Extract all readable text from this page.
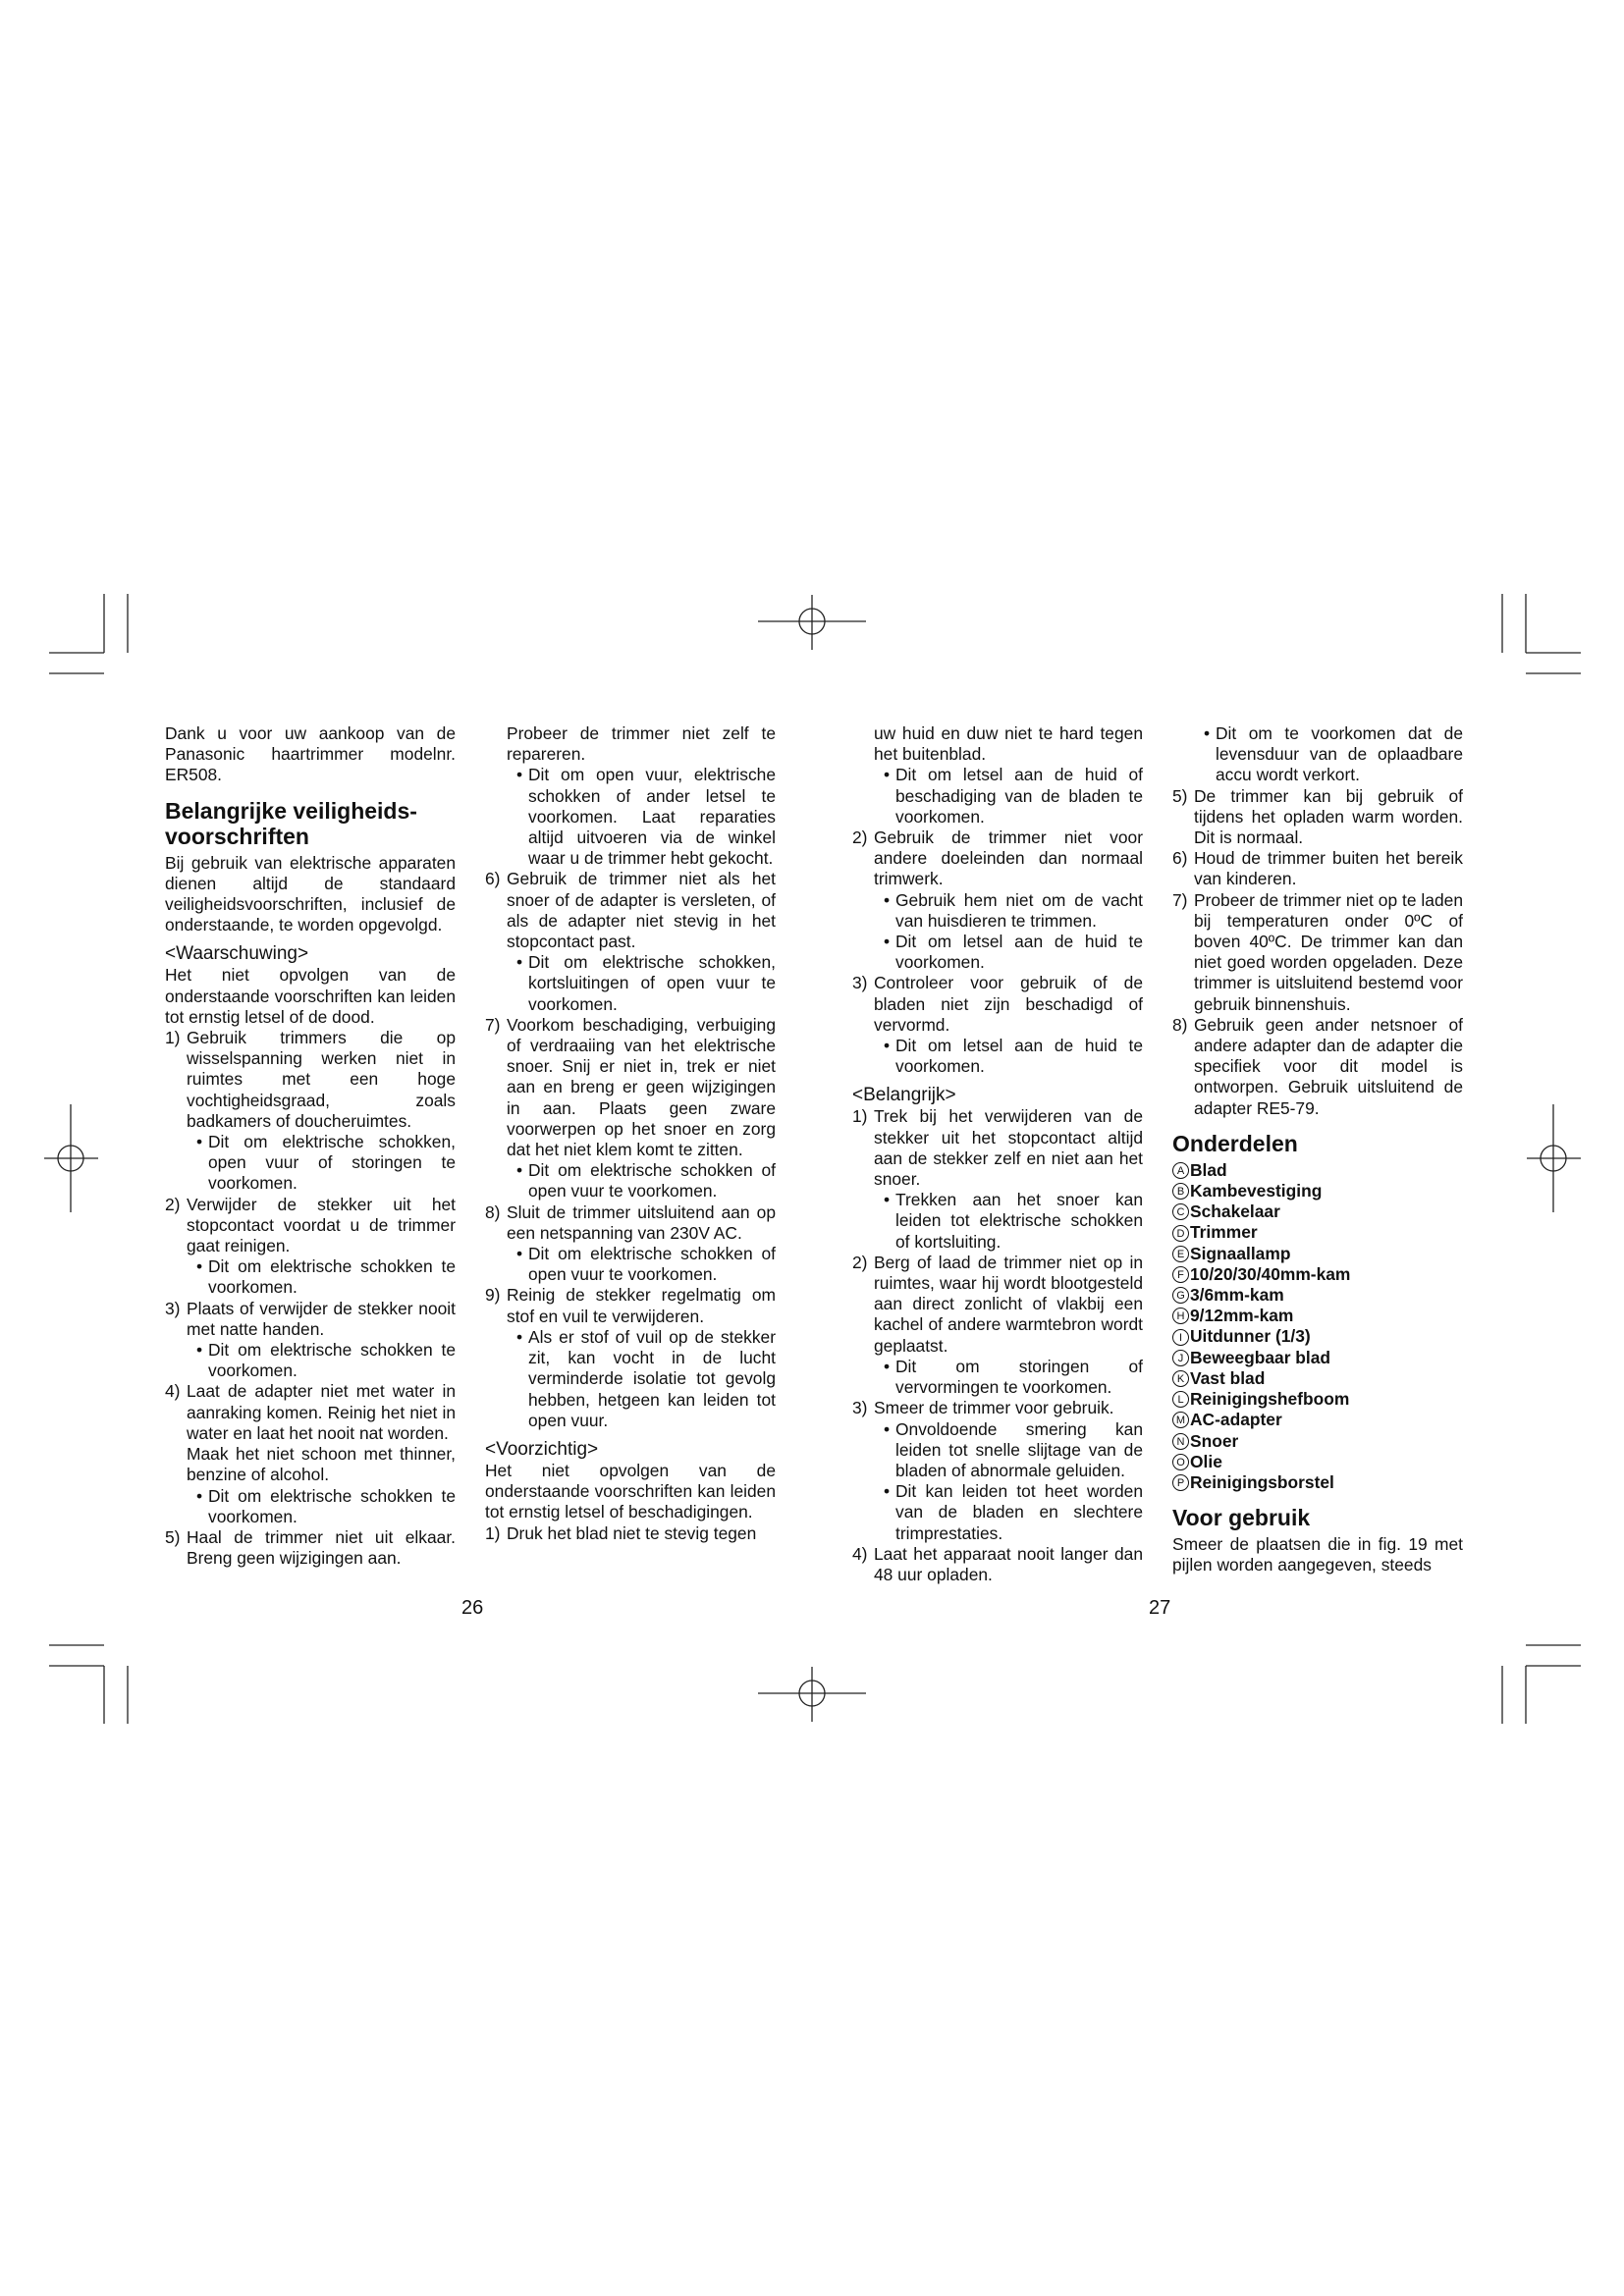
Dank u voor uw aankoop van de Panasonic haartrimmer modelnr. ER508.

Belangrijke veiligheids-
voorschriften

Bij gebruik van elektrische apparaten dienen altijd de standaard veiligheidsvoorschriften, inclusief de onderstaande, te worden opgevolgd.

<Waarschuwing>

Het niet opvolgen van de onderstaande voorschriften kan leiden tot ernstig letsel of de dood.

1) Gebruik trimmers die op wisselspanning werken niet in ruimtes met een hoge vochtigheidsgraad, zoals badkamers of doucheruimtes.

• Dit om elektrische schokken, open vuur of storingen te voorkomen.
2) Verwijder de stekker uit het stopcontact voordat u de trimmer gaat reinigen.

• Dit om elektrische schokken te voorkomen.
3) Plaats of verwijder de stekker nooit met natte handen.

• Dit om elektrische schokken te voorkomen.
4) Laat de adapter niet met water in aanraking komen. Reinig het niet in water en laat het nooit nat worden.

Maak het niet schoon met thinner, benzine of alcohol.

• Dit om elektrische schokken te voorkomen.
5) Haal de trimmer niet uit elkaar. Breng geen wijzigingen aan.

Probeer de trimmer niet zelf te repareren.

• Dit om open vuur, elektrische schokken of ander letsel te voorkomen. Laat reparaties altijd uitvoeren via de winkel waar u de trimmer hebt gekocht.
6) Gebruik de trimmer niet als het snoer of de adapter is versleten, of als de adapter niet stevig in het stopcontact past.

• Dit om elektrische schokken, kortsluitingen of open vuur te voorkomen.
7) Voorkom beschadiging, verbuiging of verdraaiing van het elektrische snoer. Snij er niet in, trek er niet aan en breng er geen wijzigingen in aan. Plaats geen zware voorwerpen op het snoer en zorg dat het niet klem komt te zitten.

• Dit om elektrische schokken of open vuur te voorkomen.
8) Sluit de trimmer uitsluitend aan op een netspanning van 230V AC.

• Dit om elektrische schokken of open vuur te voorkomen.
9) Reinig de stekker regelmatig om stof en vuil te verwijderen.

• Als er stof of vuil op de stekker zit, kan vocht in de lucht verminderde isolatie tot gevolg hebben, hetgeen kan leiden tot open vuur.
<Voorzichtig>

Het niet opvolgen van de onderstaande voorschriften kan leiden tot ernstig letsel of beschadigingen.

1) Druk het blad niet te stevig tegen

26

uw huid en duw niet te hard tegen het buitenblad.

• Dit om letsel aan de huid of beschadiging van de bladen te voorkomen.
2) Gebruik de trimmer niet voor andere doeleinden dan normaal trimwerk.

• Gebruik hem niet om de vacht van huisdieren te trimmen.
• Dit om letsel aan de huid te voorkomen.
3) Controleer voor gebruik of de bladen niet zijn beschadigd of vervormd.

• Dit om letsel aan de huid te voorkomen.
<Belangrijk>
1) Trek bij het verwijderen van de stekker uit het stopcontact altijd aan de stekker zelf en niet aan het snoer.

• Trekken aan het snoer kan leiden tot elektrische schokken of kortsluiting.
2) Berg of laad de trimmer niet op in ruimtes, waar hij wordt blootgesteld aan direct zonlicht of vlakbij een kachel of andere warmtebron wordt geplaatst.

• Dit om storingen of vervormingen te voorkomen.
3) Smeer de trimmer voor gebruik.

• Onvoldoende smering kan leiden tot snelle slijtage van de bladen of abnormale geluiden.
• Dit kan leiden tot heet worden van de bladen en slechtere trimprestaties.
4) Laat het apparaat nooit langer dan 48 uur opladen.

• Dit om te voorkomen dat de levensduur van de oplaadbare accu wordt verkort.
5) De trimmer kan bij gebruik of tijdens het opladen warm worden. Dit is normaal.

6) Houd de trimmer buiten het bereik van kinderen.

7) Probeer de trimmer niet op te laden bij temperaturen onder 0ºC of boven 40ºC. De trimmer kan dan niet goed worden opgeladen. Deze trimmer is uitsluitend bestemd voor gebruik binnenshuis.

8) Gebruik geen ander netsnoer of andere adapter dan de adapter die specifiek voor dit model is ontworpen. Gebruik uitsluitend de adapter RE5-79.

Onderdelen
A Blad
B Kambevestiging
C Schakelaar
D Trimmer
E Signaallamp
F 10/20/30/40mm-kam
G 3/6mm-kam
H 9/12mm-kam
I Uitdunner (1/3)
J Beweegbaar blad
K Vast blad
L Reinigingshefboom
M AC-adapter
N Snoer
O Olie
P Reinigingsborstel
Voor gebruik

Smeer de plaatsen die in fig. 19 met pijlen worden aangegeven, steeds

27
